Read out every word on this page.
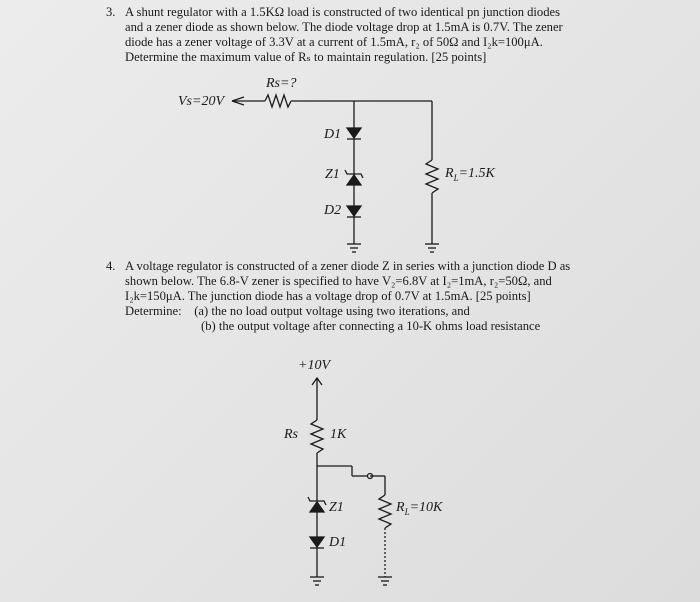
3. A shunt regulator with a 1.5KΩ load is constructed of two identical pn junction diodes
and a zener diode as shown below. The diode voltage drop at 1.5mA is 0.7V. The zener
diode has a zener voltage of 3.3V at a current of 1.5mA, r₂ of 50Ω and I₂k=100μA.
Determine the maximum value of Rₛ to maintain regulation. [25 points]
Rs=?
Vs=20V
D1
Z1
D2
$R_L=1.5K$
4. A voltage regulator is constructed of a zener diode Z in series with a junction diode D as
shown below. The 6.8-V zener is specified to have V₂=6.8V at I₂=1mA, r₂=50Ω, and
I₂k=150μA. The junction diode has a voltage drop of 0.7V at 1.5mA. [25 points]
Determine:    (a) the no load output voltage using two iterations, and
(b) the output voltage after connecting a 10-K ohms load resistance
+10V
Rs 1K
Z1
D1
$R_L=10K$
